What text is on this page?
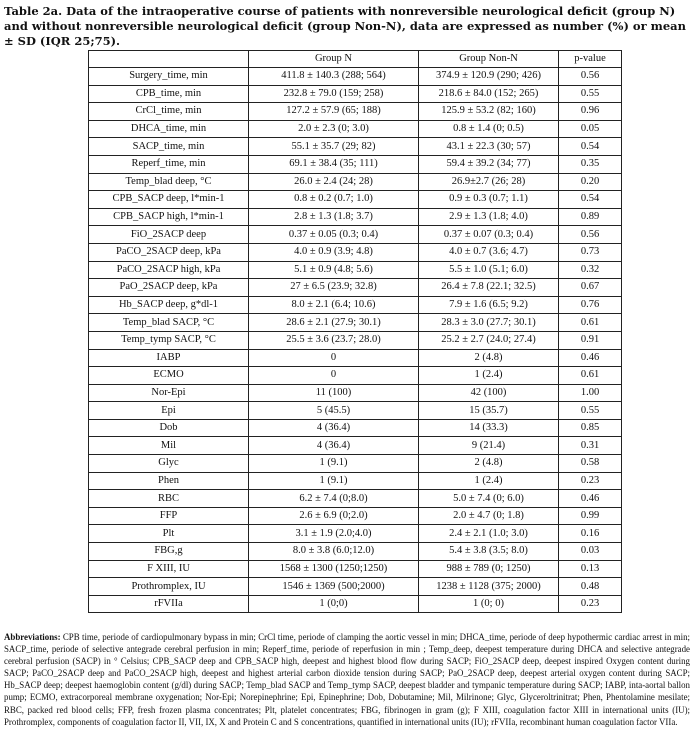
Table 2a. Data of the intraoperative course of patients with nonreversible neurological deficit (group N) and without nonreversible neurological deficit (group Non-N), data are expressed as number (%) or mean ± SD (IQR 25;75).
	Group N	Group Non-N	p-value
Surgery_time, min	411.8 ± 140.3 (288; 564)	374.9 ± 120.9 (290; 426)	0.56
CPB_time, min	232.8 ± 79.0 (159; 258)	218.6 ± 84.0 (152; 265)	0.55
CrCl_time, min	127.2 ± 57.9 (65; 188)	125.9 ± 53.2 (82; 160)	0.96
DHCA_time, min	2.0 ± 2.3 (0; 3.0)	0.8 ± 1.4 (0; 0.5)	0.05
SACP_time, min	55.1 ± 35.7 (29; 82)	43.1 ± 22.3 (30; 57)	0.54
Reperf_time, min	69.1 ± 38.4 (35; 111)	59.4 ± 39.2 (34; 77)	0.35
Temp_blad deep, °C	26.0 ± 2.4 (24; 28)	26.9±2.7 (26; 28)	0.20
CPB_SACP deep, l*min-1	0.8 ± 0.2 (0.7; 1.0)	0.9 ± 0.3 (0.7; 1.1)	0.54
CPB_SACP high, l*min-1	2.8 ± 1.3 (1.8; 3.7)	2.9 ± 1.3 (1.8; 4.0)	0.89
FiO_2SACP deep	0.37 ± 0.05 (0.3; 0.4)	0.37 ± 0.07 (0.3; 0.4)	0.56
PaCO_2SACP deep, kPa	4.0 ± 0.9 (3.9; 4.8)	4.0 ± 0.7 (3.6; 4.7)	0.73
PaCO_2SACP high, kPa	5.1 ± 0.9 (4.8; 5.6)	5.5 ± 1.0 (5.1; 6.0)	0.32
PaO_2SACP deep, kPa	27 ± 6.5 (23.9; 32.8)	26.4 ± 7.8 (22.1; 32.5)	0.67
Hb_SACP deep, g*dl-1	8.0 ± 2.1 (6.4; 10.6)	7.9 ± 1.6 (6.5; 9.2)	0.76
Temp_blad SACP, °C	28.6 ± 2.1 (27.9; 30.1)	28.3 ± 3.0 (27.7; 30.1)	0.61
Temp_tymp SACP, °C	25.5 ± 3.6 (23.7; 28.0)	25.2 ± 2.7 (24.0; 27.4)	0.91
IABP	0	2 (4.8)	0.46
ECMO	0	1 (2.4)	0.61
Nor-Epi	11 (100)	42 (100)	1.00
Epi	5 (45.5)	15 (35.7)	0.55
Dob	4 (36.4)	14 (33.3)	0.85
Mil	4 (36.4)	9 (21.4)	0.31
Glyc	1 (9.1)	2 (4.8)	0.58
Phen	1 (9.1)	1 (2.4)	0.23
RBC	6.2 ± 7.4 (0;8.0)	5.0 ± 7.4 (0; 6.0)	0.46
FFP	2.6 ± 6.9 (0;2.0)	2.0 ± 4.7 (0; 1.8)	0.99
Plt	3.1 ± 1.9 (2.0;4.0)	2.4 ± 2.1 (1.0; 3.0)	0.16
FBG,g	8.0 ± 3.8 (6.0;12.0)	5.4 ± 3.8 (3.5; 8.0)	0.03
F XIII, IU	1568 ± 1300 (1250;1250)	988 ± 789 (0; 1250)	0.13
Prothromplex, IU	1546 ± 1369 (500;2000)	1238 ± 1128 (375; 2000)	0.48
rFVIIa	1 (0;0)	1 (0; 0)	0.23
Abbreviations: CPB time, periode of cardiopulmonary bypass in min; CrCl time, periode of clamping the aortic vessel in min; DHCA_time, periode of deep hypothermic cardiac arrest in min; SACP_time, periode of selective antegrade cerebral perfusion in min; Reperf_time, periode of reperfusion in min ; Temp_deep, deepest temperature during DHCA and selective antegrade cerebral perfusion (SACP) in ° Celsius; CPB_SACP deep and CPB_SACP high, deepest and highest blood flow during SACP; FiO_2SACP deep, deepest inspired Oxygen content during SACP; PaCO_2SACP deep and PaCO_2SACP high, deepest and highest arterial carbon dioxide tension during SACP; PaO_2SACP deep, deepest arterial oxygen content during SACP; Hb_SACP deep; deepest haemoglobin content (g/dl) during SACP; Temp_blad SACP and Temp_tymp SACP, deepest bladder and tympanic temperature during SACP; IABP, inta-aortal ballon pump; ECMO, extracorporeal membrane oxygenation; Nor-Epi; Norepinephrine; Epi, Epinephrine; Dob, Dobutamine; Mil, Milrinone; Glyc, Glyceroltrinitrat; Phen, Phentolamine mesilate; RBC, packed red blood cells; FFP, fresh frozen plasma concentrates; Plt, platelet concentrates; FBG, fibrinogen in gram (g); F XIII, coagulation factor XIII in international units (IU); Prothromplex, components of coagulation factor II, VII, IX, X and Protein C and S concentrations, quantified in international units (IU); rFVIIa, recombinant human coagulation factor VIIa.
